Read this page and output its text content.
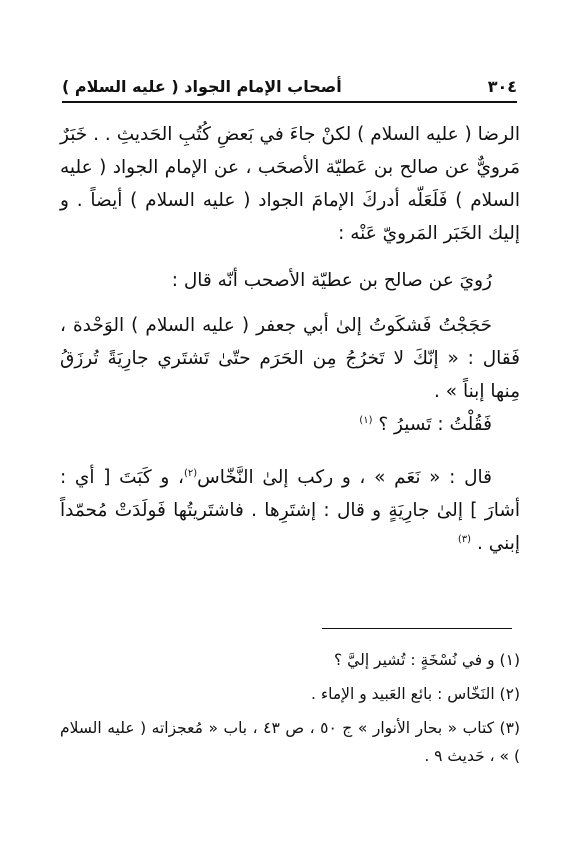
٣٠٤
أصحاب الإمام الجواد ( عليه السلام )

الرضا ( عليه السلام ) لكنْ جاءَ في بَعضِ كُتُبِ الحَديثِ . . خَبَرٌ مَرويٌّ عن صالح بن عَطيّة الأصحَب ، عن الإمام الجواد ( عليه السلام ) فَلَعَلّه أدركَ الإمامَ الجواد ( عليه السلام ) أيضاً . و إليك الخَبَر المَرويّ عَنْه :

رُويَ عن صالح بن عطيّة الأصحب أنّه قال :

حَجَجْتُ فَشكَوتُ إلىٰ أبي جعفر ( عليه السلام ) الوَحْدة ، فَقال : « إنّكَ لا تَخرُجُ مِن الحَرَم حتّىٰ تَشتَري جارِيَةً تُرزَقُ مِنها إبناً » .

فَقُلْتُ : تَسيرُ ؟ $^{(١)}$

قال : « نَعَم » ، و ركب إلىٰ النَّخّاس$^{(٢)}$، و كَبَتَ [ أي : أشارَ ] إلىٰ جارِيَةٍ و قال : إشتَرِها . فاشتَريتُها فَولَدَتْ مُحمّداً إبني . $^{(٣)}$

(١) و في نُسْخَةٍ : تُشير إليَّ ؟

(٢) النَخّاس : بائع العَبيد و الإماء .

(٣) كتاب « بحار الأنوار » ج ٥٠ ، ص ٤٣ ، باب « مُعجزاته ( عليه السلام ) » ، حَديث ٩ .
